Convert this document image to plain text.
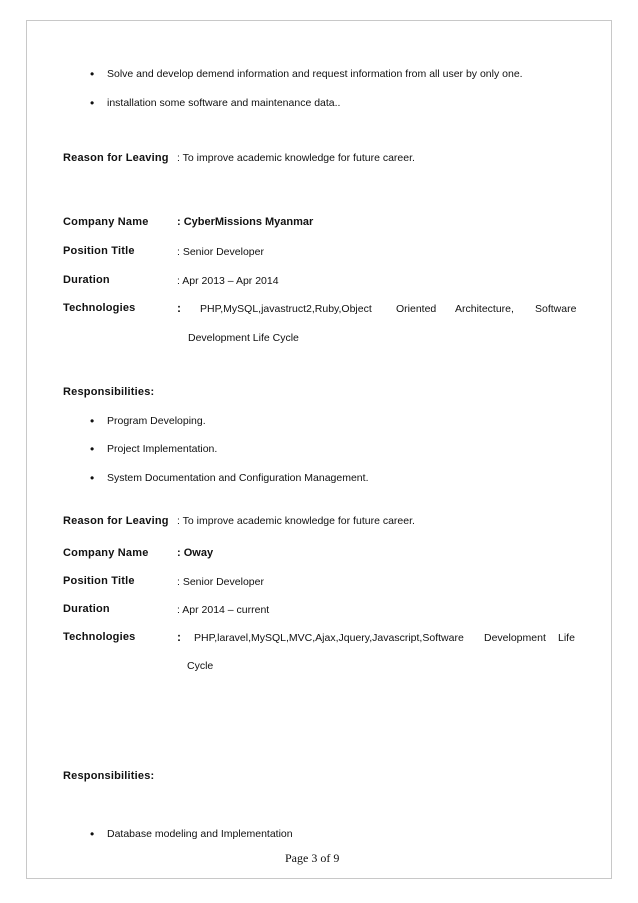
• Solve and develop demend information and request information from all user by only one.
• installation some software and maintenance data..
Reason for Leaving : To improve academic knowledge for future career.
Company Name	: CyberMissions Myanmar
Position Title	: Senior Developer
Duration	: Apr 2013 – Apr 2014
Technologies	: PHP,MySQL,javastruct2,Ruby,Object Oriented Architecture, Software
Development Life Cycle
Responsibilities:
• Program Developing.
• Project Implementation.
• System Documentation and Configuration Management.
Reason for Leaving : To improve academic knowledge for future career.
Company Name	: Oway
Position Title	: Senior Developer
Duration	: Apr 2014 – current
Technologies	: PHP,laravel,MySQL,MVC,Ajax,Jquery,Javascript,Software Development Life
Cycle
Responsibilities:
• Database modeling and Implementation
Page 3 of 9
